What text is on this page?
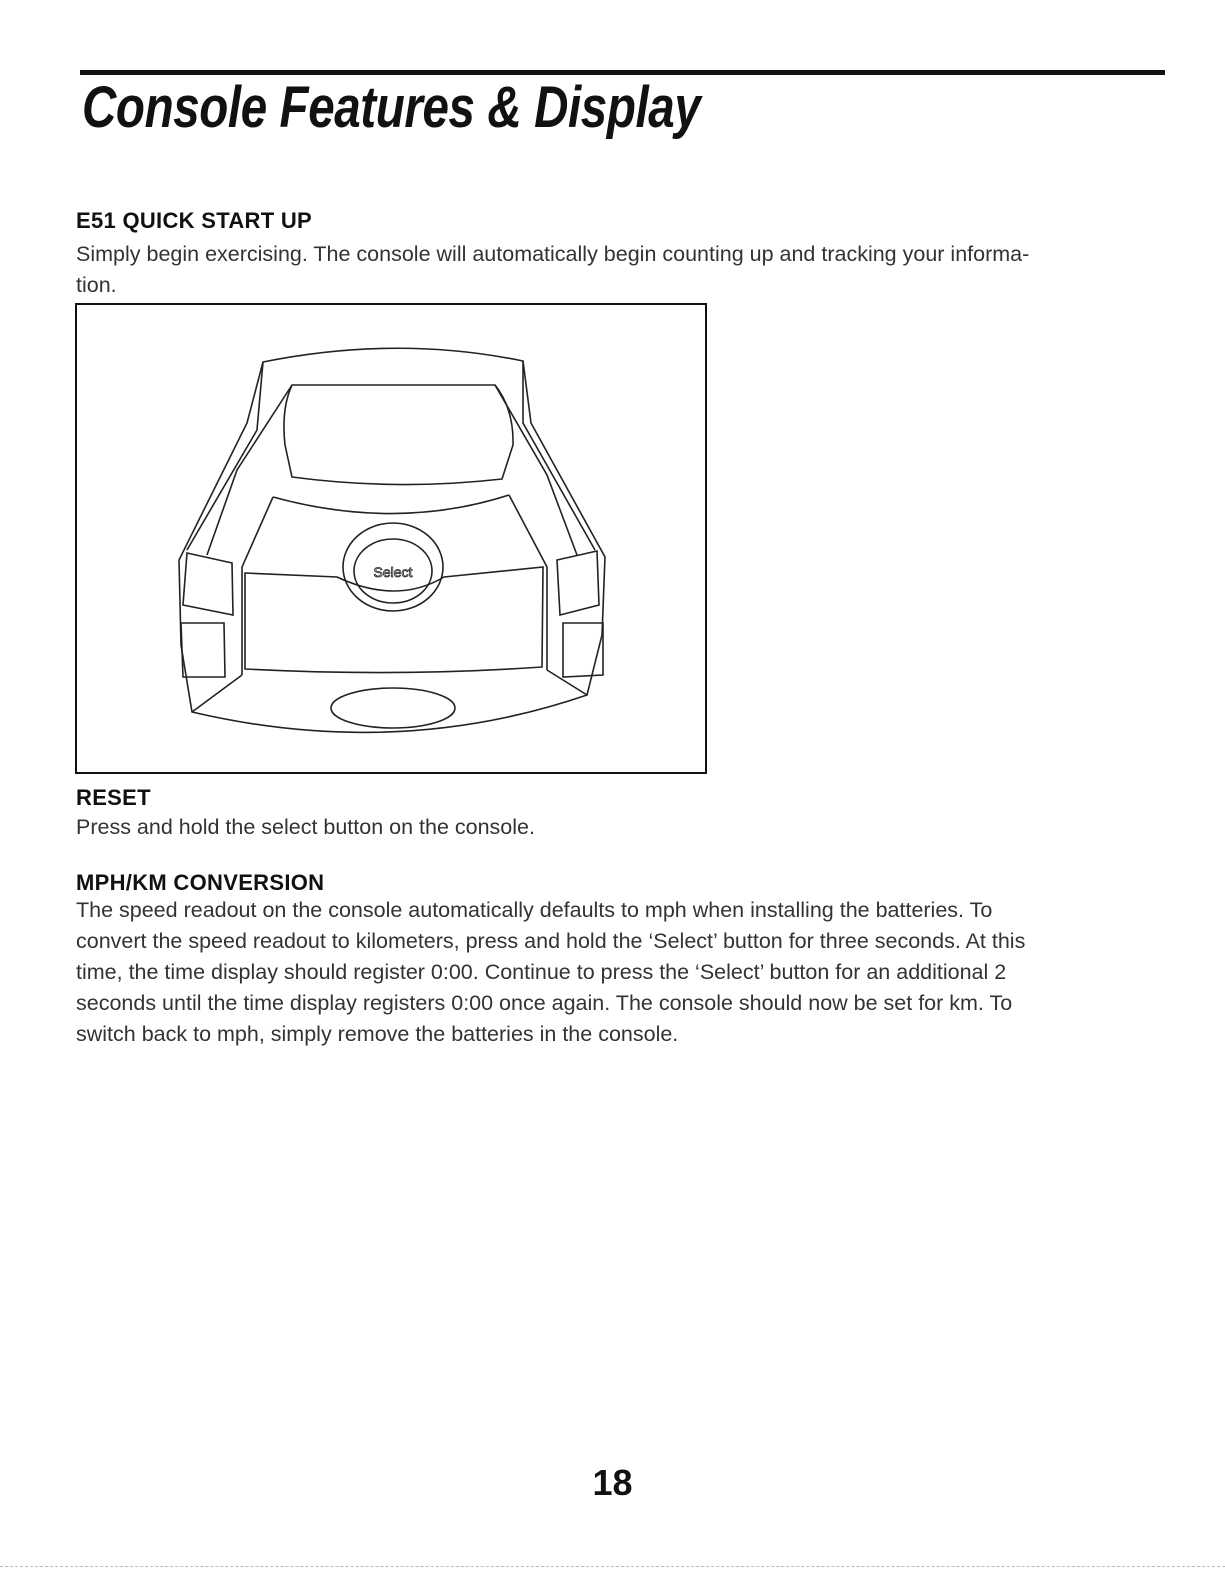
Console Features & Display
E51 QUICK START UP

Simply begin exercising. The console will automatically begin counting up and tracking your informa-
tion.

Select
RESET

Press and hold the select button on the console.

MPH/KM CONVERSION

The speed readout on the console automatically defaults to mph when installing the batteries. To
convert the speed readout to kilometers, press and hold the ‘Select’ button for three seconds. At this
time, the time display should register 0:00. Continue to press the ‘Select’ button for an additional 2
seconds until the time display registers 0:00 once again. The console should now be set for km. To
switch back to mph, simply remove the batteries in the console.

18
